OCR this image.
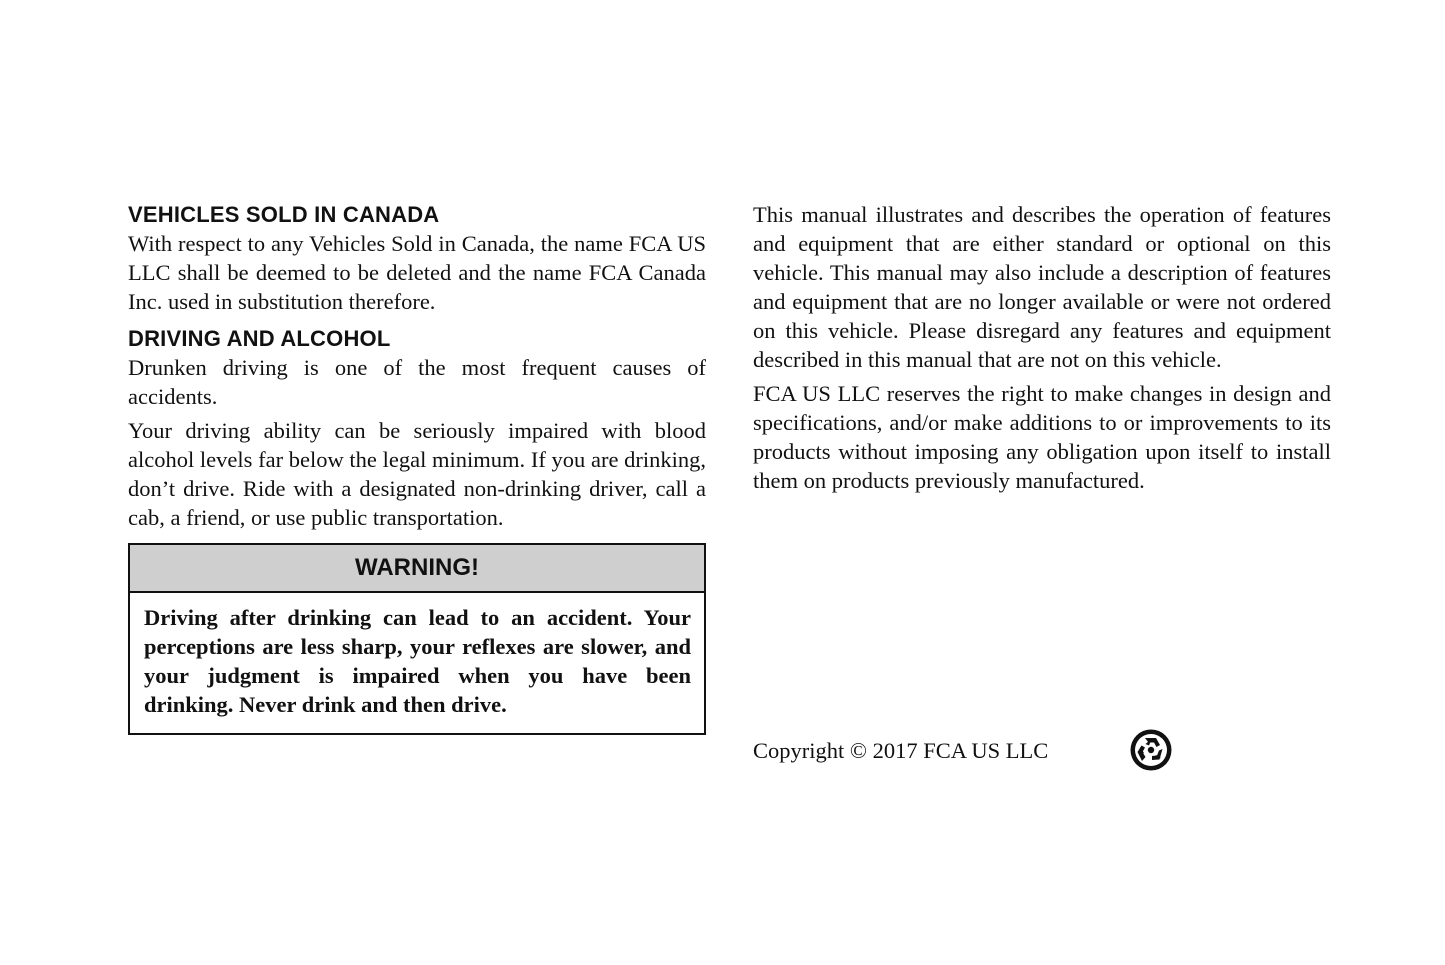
VEHICLES SOLD IN CANADA

With respect to any Vehicles Sold in Canada, the name FCA US LLC shall be deemed to be deleted and the name FCA Canada Inc. used in substitution therefore.

DRIVING AND ALCOHOL

Drunken driving is one of the most frequent causes of accidents.

Your driving ability can be seriously impaired with blood alcohol levels far below the legal minimum. If you are drinking, don’t drive. Ride with a designated non-drinking driver, call a cab, a friend, or use public transportation.

WARNING!
Driving after drinking can lead to an accident. Your perceptions are less sharp, your reflexes are slower, and your judgment is impaired when you have been drinking. Never drink and then drive.

This manual illustrates and describes the operation of features and equipment that are either standard or optional on this vehicle. This manual may also include a description of features and equipment that are no longer available or were not ordered on this vehicle. Please disregard any features and equipment described in this manual that are not on this vehicle.

FCA US LLC reserves the right to make changes in design and specifications, and/or make additions to or improvements to its products without imposing any obligation upon itself to install them on products previously manufactured.

Copyright © 2017 FCA US LLC
